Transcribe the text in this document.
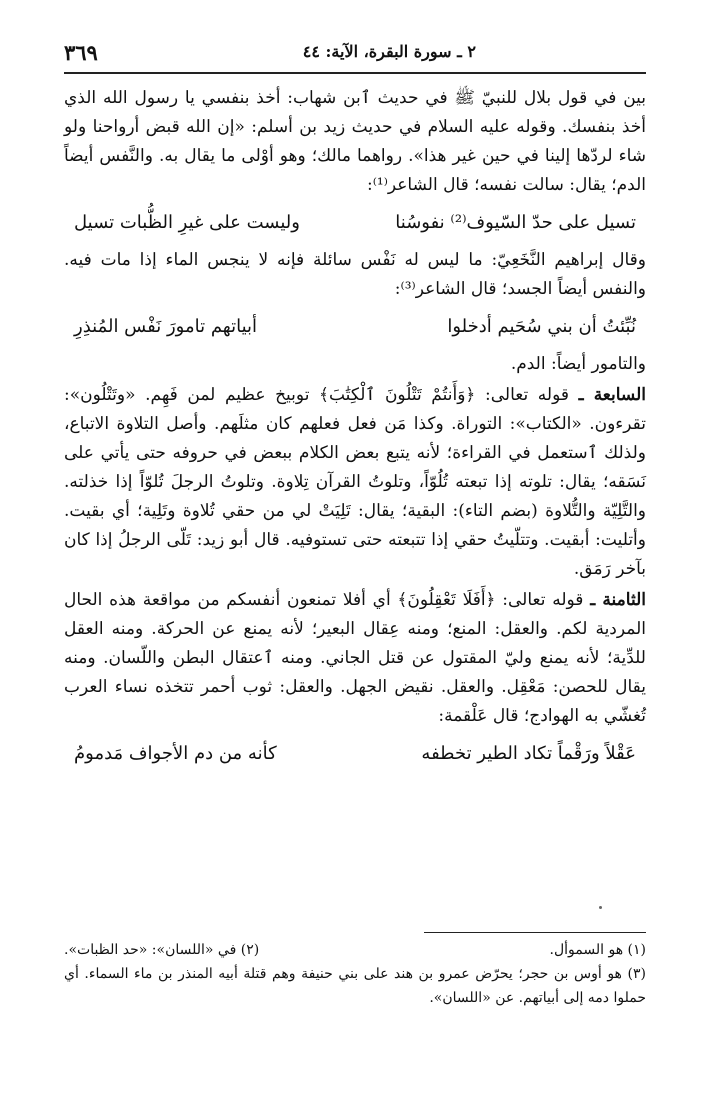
٢ ـ سورة البقرة، الآية: ٤٤
٣٦٩

بين في قول بلال للنبيّ ﷺ في حديث ٱبن شهاب: أخذ بنفسي يا رسول الله الذي أخذ بنفسك. وقوله عليه السلام في حديث زيد بن أسلم: «إن الله قبض أرواحنا ولو شاء لردّها إلينا في حين غير هذا». رواهما مالك؛ وهو أوْلى ما يقال به. والنَّفس أيضاً الدم؛ يقال: سالت نفسه؛ قال الشاعر⁽¹⁾:

تسيل على حدّ السّيوف⁽²⁾ نفوسُنا
وليست على غيرِ الظُّبات تسيل

وقال إبراهيم النَّخَعِيّ: ما ليس له نَفْس سائلة فإنه لا ينجس الماء إذا مات فيه. والنفس أيضاً الجسد؛ قال الشاعر⁽³⁾:

نُبِّئتُ أن بني سُحَيم أدخلوا
أبياتهم تامورَ نَفْس المُنذِرِ

والتامور أيضاً: الدم.

السابعة ـ قوله تعالى: ﴿وَأَنتُمْ تَتْلُونَ ٱلْكِتَٰبَ﴾ توبيخ عظيم لمن فَهِم. «وتَتْلُون»: تقرءون. «الكتاب»: التوراة. وكذا مَن فعل فعلهم كان مثلَهم. وأصل التلاوة الاتباع، ولذلك ٱستعمل في القراءة؛ لأنه يتبع بعض الكلام ببعض في حروفه حتى يأتي على نَسَقه؛ يقال: تلوته إذا تبعته تُلُوّاً، وتلوتُ القرآن تِلاوة. وتلوتُ الرجلَ تُلوّاً إذا خذلته. والتَّلِيّة والتُّلاوة (بضم التاء): البقية؛ يقال: تَلِيَتْ لي من حقي تُلاوة وتَلِية؛ أي بقيت. وأتليت: أبقيت. وتتلّيتُ حقي إذا تتبعته حتى تستوفيه. قال أبو زيد: تَلّى الرجلُ إذا كان بآخر رَمَق.

الثامنة ـ قوله تعالى: ﴿أَفَلَا تَعْقِلُونَ﴾ أي أفلا تمنعون أنفسكم من مواقعة هذه الحال المردية لكم. والعقل: المنع؛ ومنه عِقال البعير؛ لأنه يمنع عن الحركة. ومنه العقل للدِّية؛ لأنه يمنع وليّ المقتول عن قتل الجاني. ومنه ٱعتقال البطن واللّسان. ومنه يقال للحصن: مَعْقِل. والعقل. نقيض الجهل. والعقل: ثوب أحمر تتخذه نساء العرب تُغشّي به الهوادج؛ قال عَلْقمة:

عَقْلاً ورَقْماً تكاد الطير تخطفه
كأنه من دم الأجواف مَدمومُ
(١) هو السموأل.
(٢) في «اللسان»: «حد الظبات».

(٣) هو أوس بن حجر؛ يحرّض عمرو بن هند على بني حنيفة وهم قتلة أبيه المنذر بن ماء السماء. أي حملوا دمه إلى أبياتهم. عن «اللسان».
